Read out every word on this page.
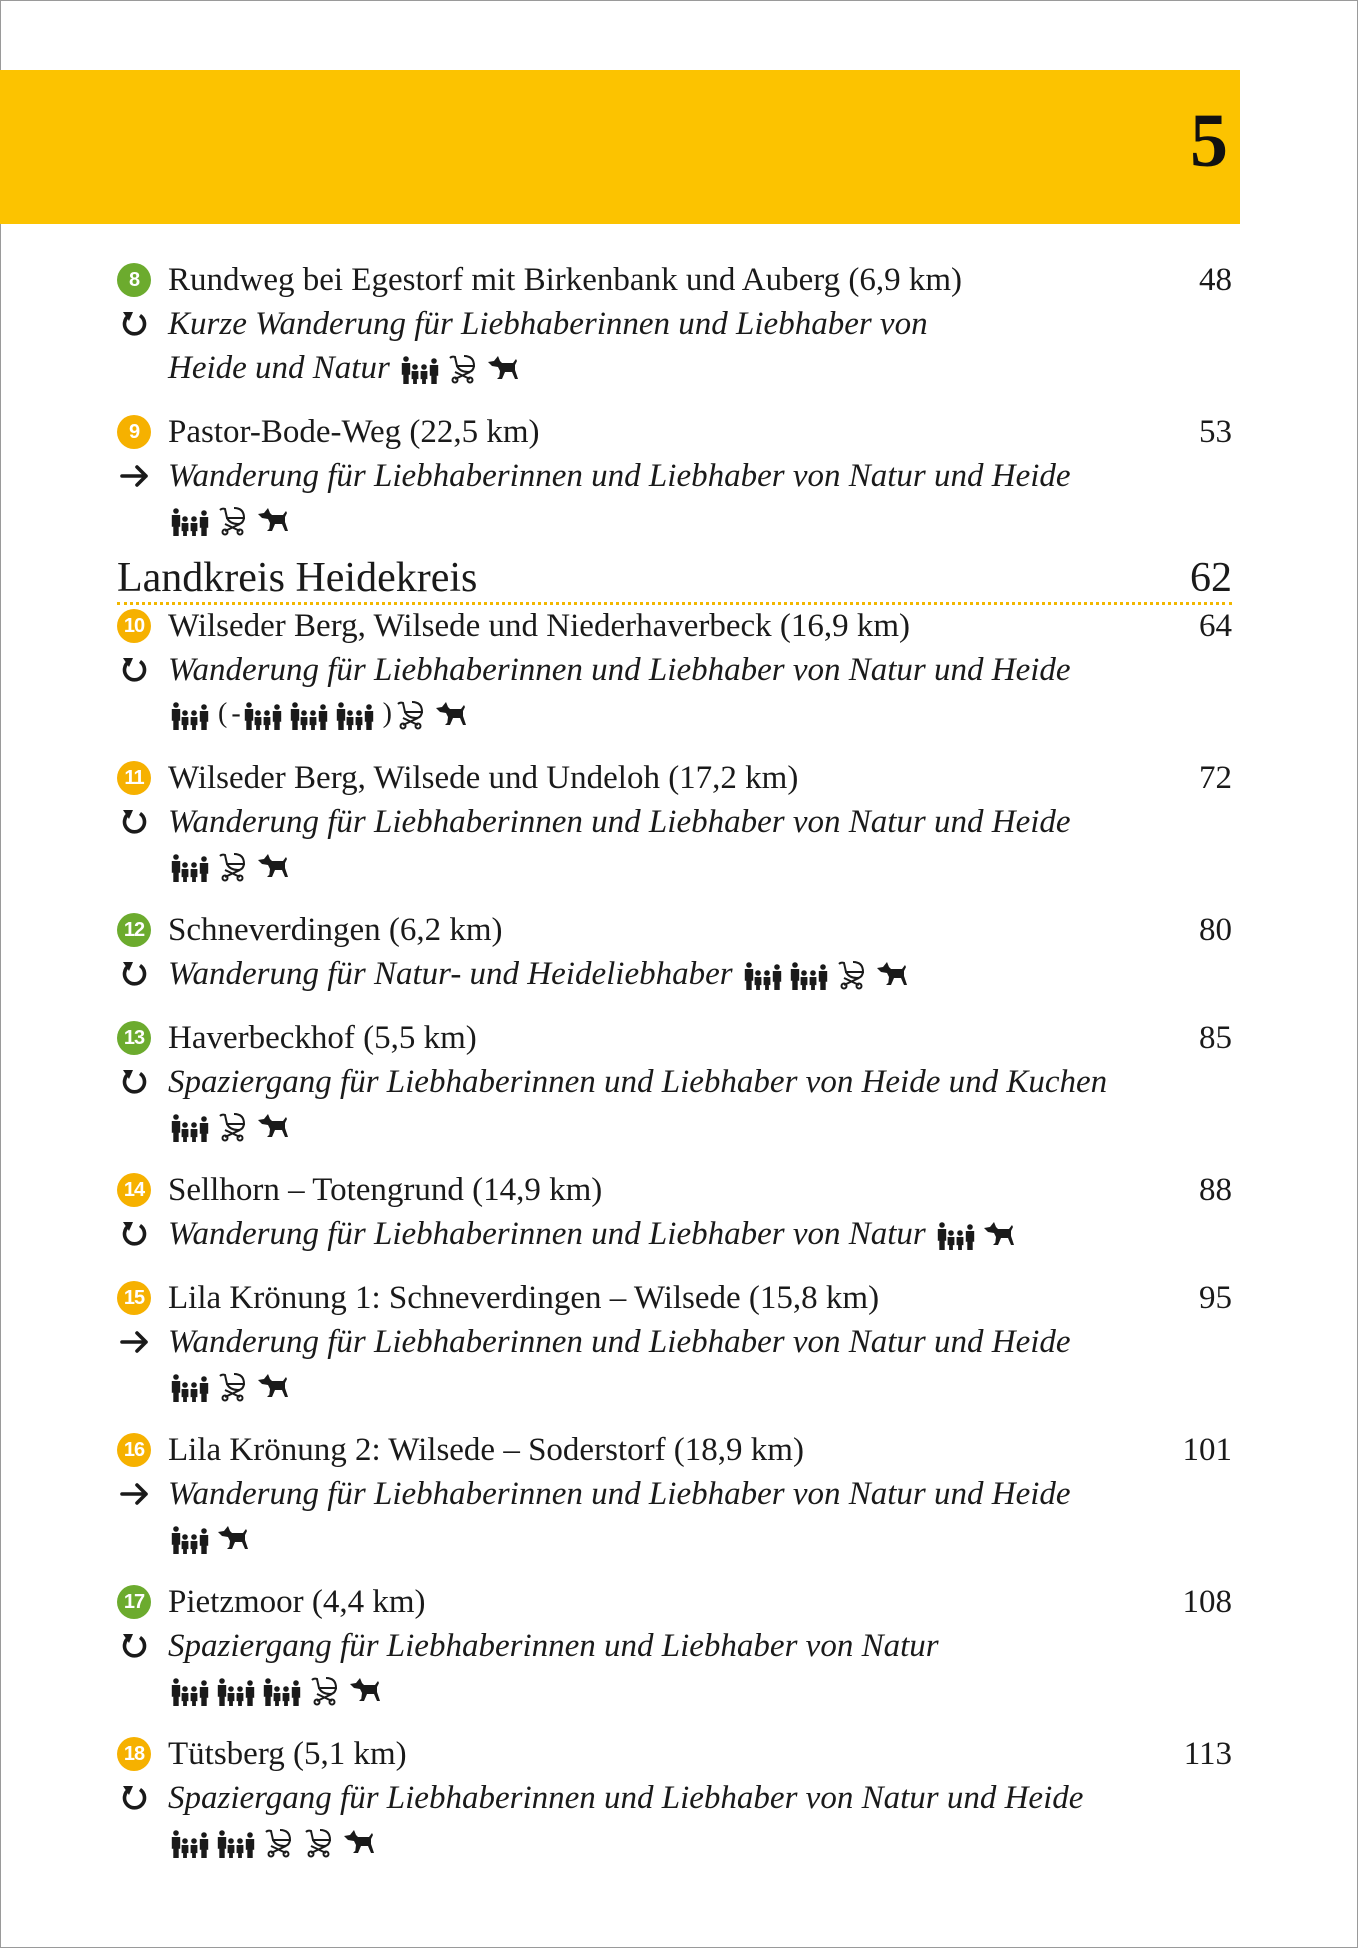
5
8 Rundweg bei Egestorf mit Birkenbank und Auberg (6,9 km)	48
Kurze Wanderung für Liebhaberinnen und Liebhaber von
Heide und Natur
9 Pastor-Bode-Weg (22,5 km)	53
Wanderung für Liebhaberinnen und Liebhaber von Natur und Heide
Landkreis Heidekreis	62
10 Wilseder Berg, Wilsede und Niederhaverbeck (16,9 km)	64
Wanderung für Liebhaberinnen und Liebhaber von Natur und Heide
( -	)
11 Wilseder Berg, Wilsede und Undeloh (17,2 km)	72
Wanderung für Liebhaberinnen und Liebhaber von Natur und Heide
12 Schneverdingen (6,2 km)	80
Wanderung für Natur- und Heideliebhaber
13 Haverbeckhof (5,5 km)	85
Spaziergang für Liebhaberinnen und Liebhaber von Heide und Kuchen
14 Sellhorn – Totengrund (14,9 km)	88
Wanderung für Liebhaberinnen und Liebhaber von Natur
15 Lila Krönung 1: Schneverdingen – Wilsede (15,8 km)	95
Wanderung für Liebhaberinnen und Liebhaber von Natur und Heide
16 Lila Krönung 2: Wilsede – Soderstorf (18,9 km)	101
Wanderung für Liebhaberinnen und Liebhaber von Natur und Heide
17 Pietzmoor (4,4 km)	108
Spaziergang für Liebhaberinnen und Liebhaber von Natur
18 Tütsberg (5,1 km)	113
Spaziergang für Liebhaberinnen und Liebhaber von Natur und Heide
